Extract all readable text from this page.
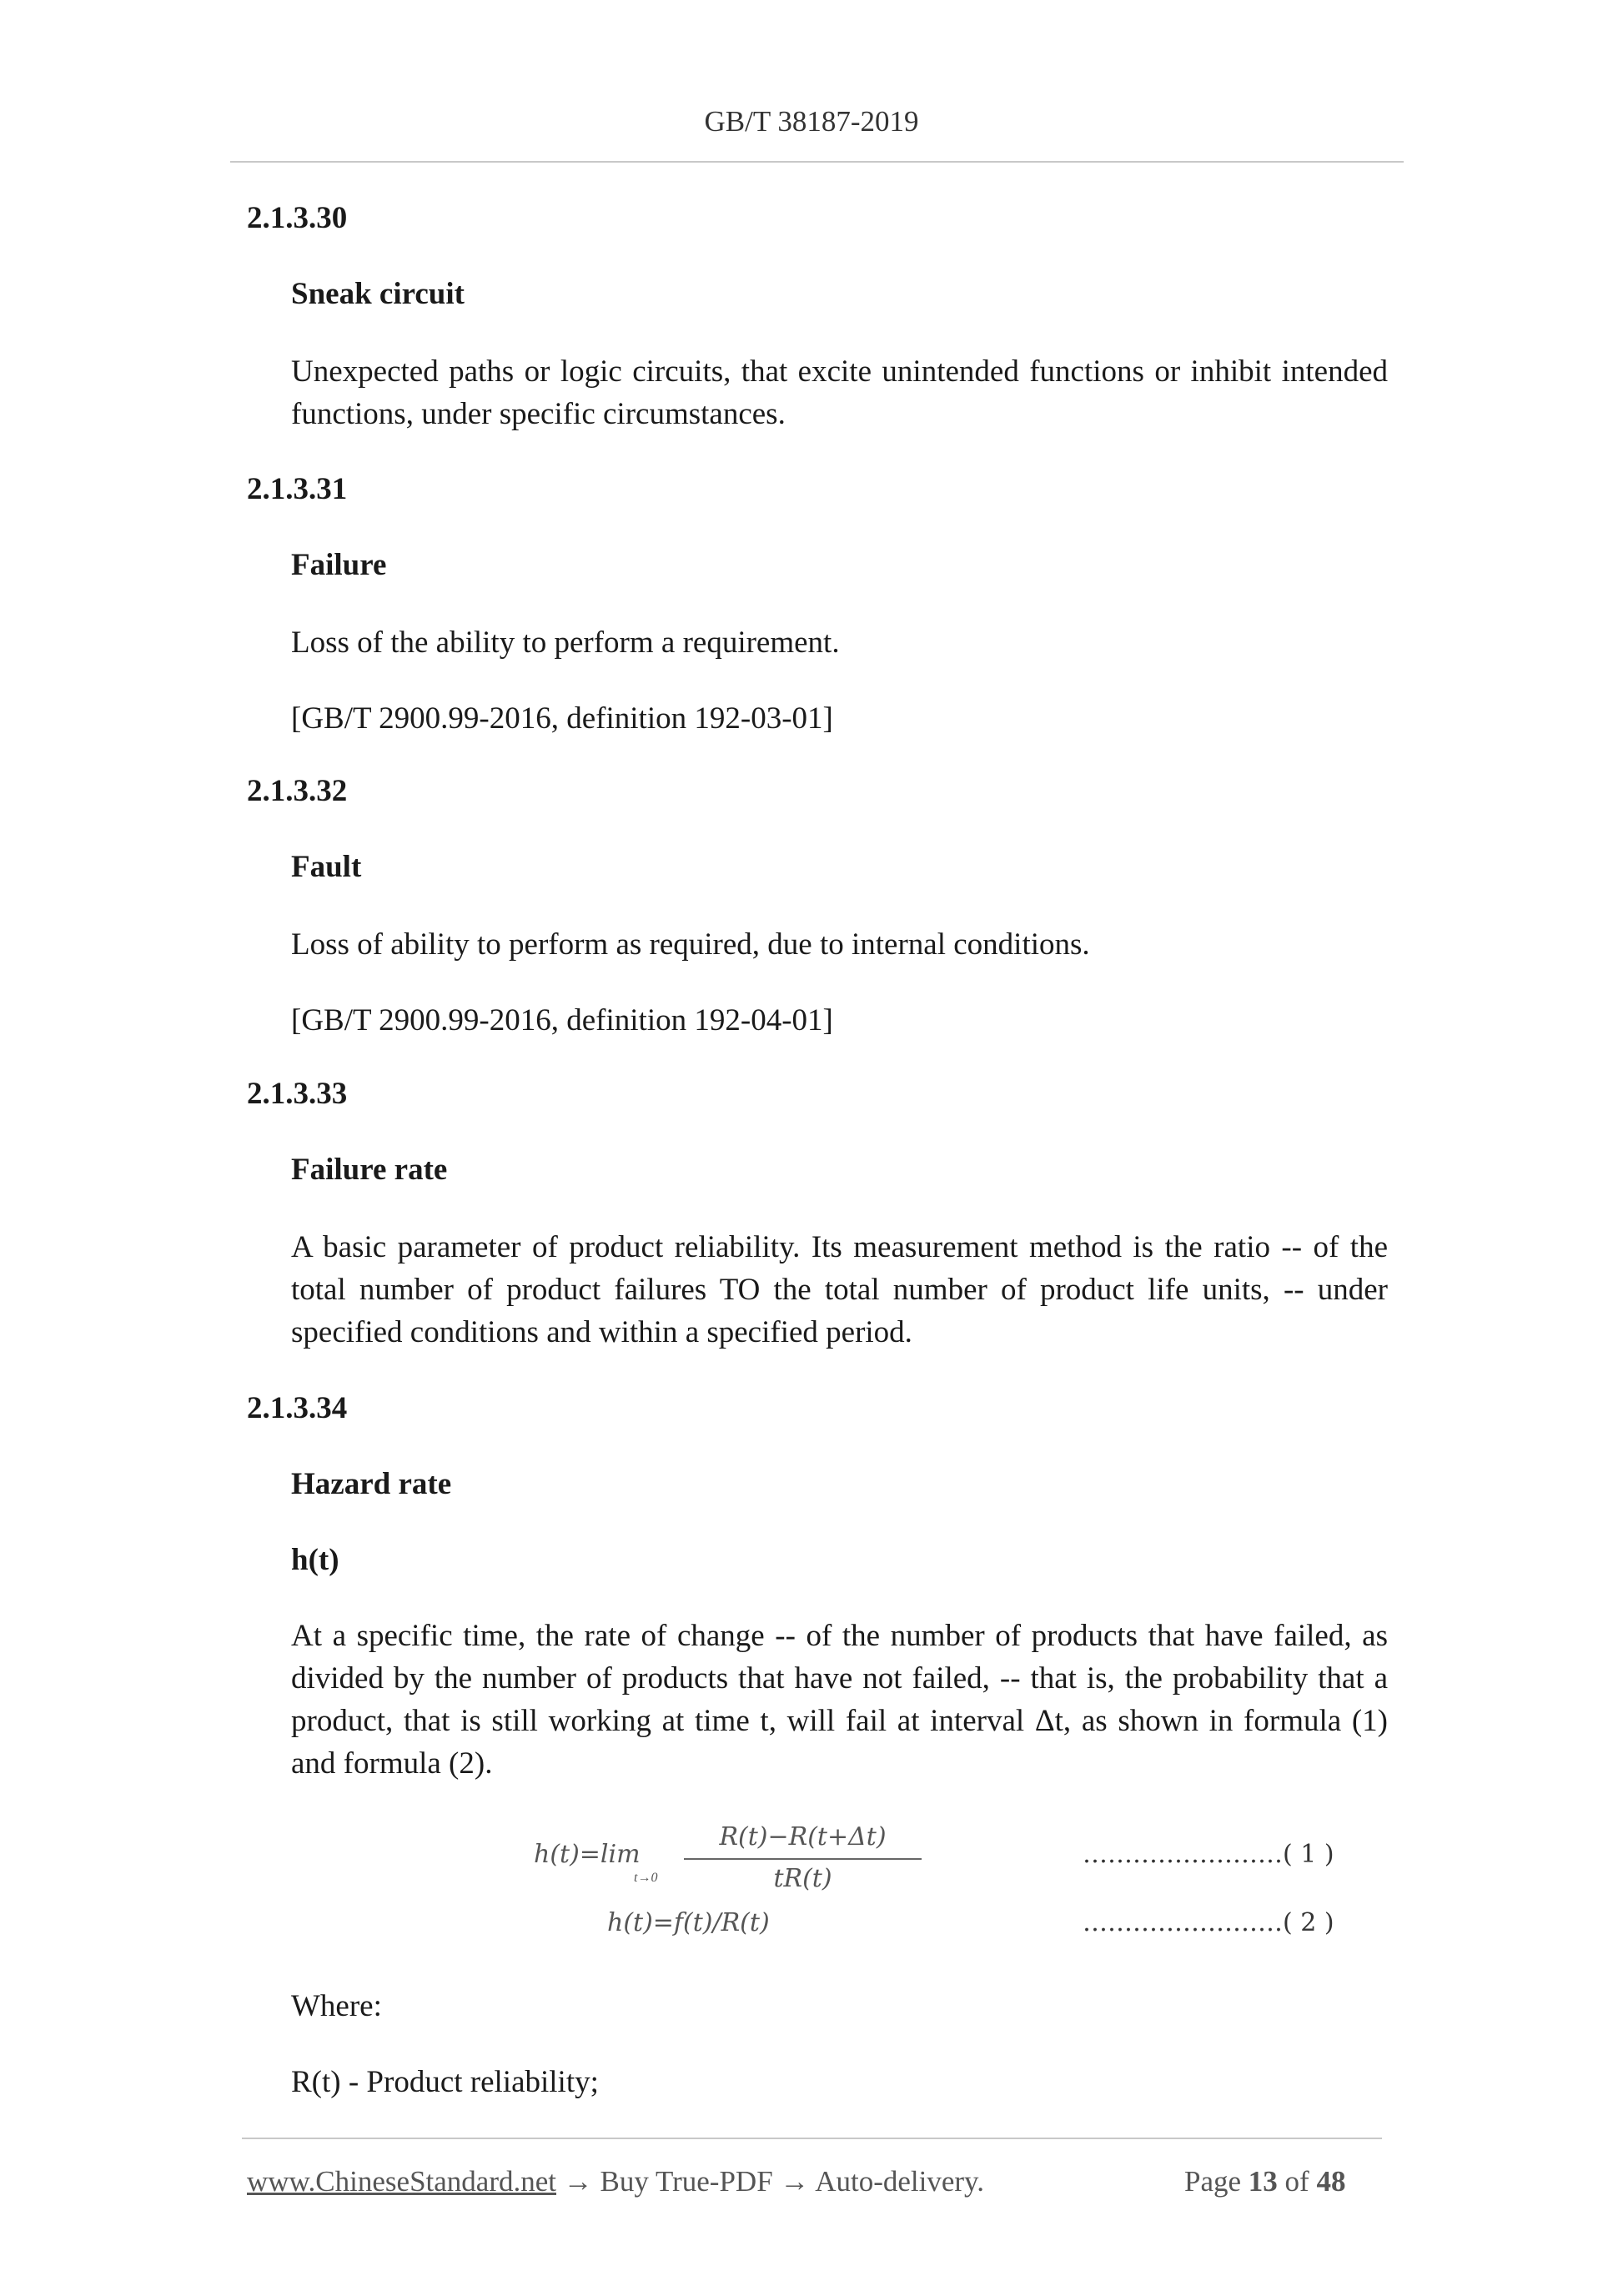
GB/T 38187-2019
2.1.3.30
Sneak circuit
Unexpected paths or logic circuits, that excite unintended functions or inhibit intended functions, under specific circumstances.
2.1.3.31
Failure
Loss of the ability to perform a requirement.
[GB/T 2900.99-2016, definition 192-03-01]
2.1.3.32
Fault
Loss of ability to perform as required, due to internal conditions.
[GB/T 2900.99-2016, definition 192-04-01]
2.1.3.33
Failure rate
A basic parameter of product reliability. Its measurement method is the ratio -- of the total number of product failures TO the total number of product life units, -- under specified conditions and within a specified period.
2.1.3.34
Hazard rate
h(t)
At a specific time, the rate of change -- of the number of products that have failed, as divided by the number of products that have not failed, -- that is, the probability that a product, that is still working at time t, will fail at interval Δt, as shown in formula (1) and formula (2).
h(t)=lim
t→0
R(t)−R(t+Δt)
tR(t)
……………………( 1 )
h(t)=f(t)/R(t)	……………………( 2 )
Where:
R(t) - Product reliability;
www.ChineseStandard.net → Buy True-PDF → Auto-delivery.	Page 13 of 48
